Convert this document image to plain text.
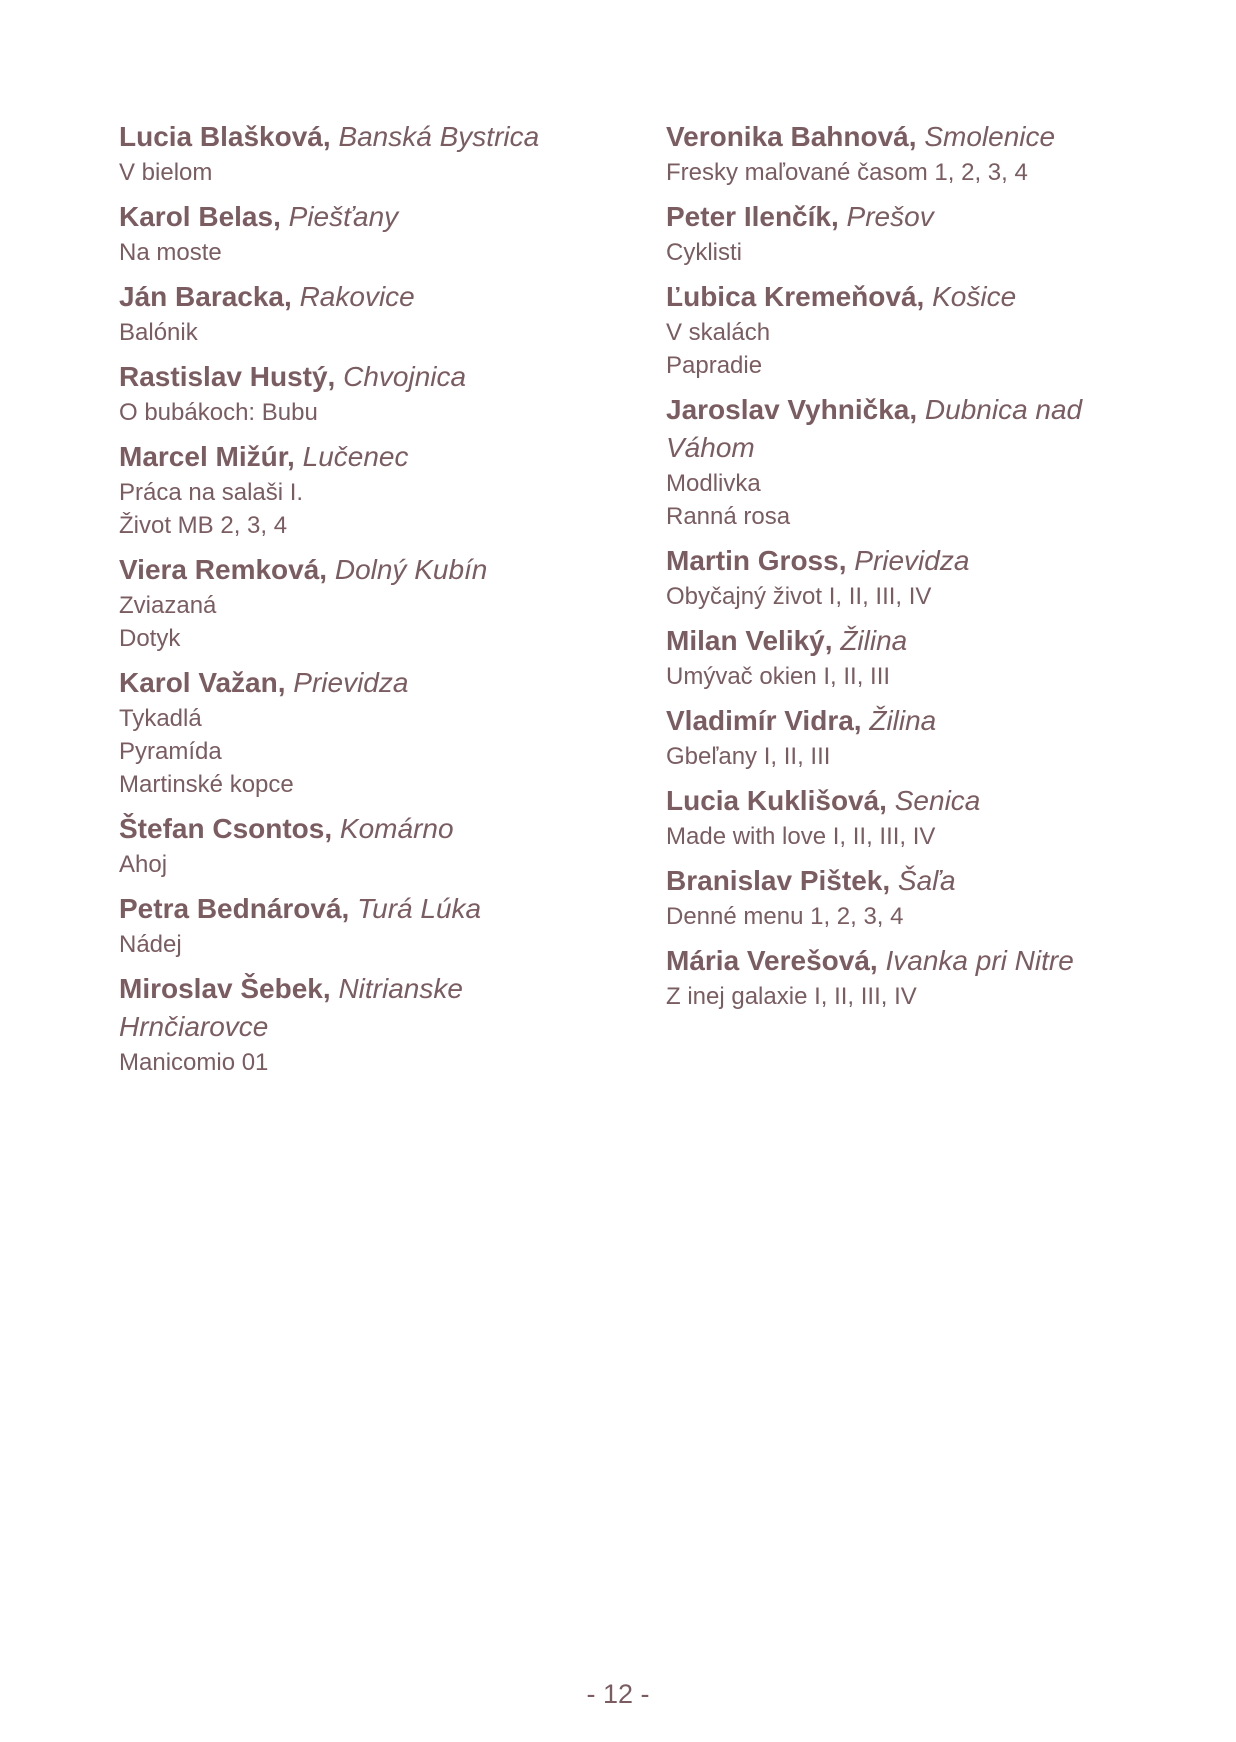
Lucia Blašková, Banská Bystrica

V bielom

Karol Belas, Piešťany

Na moste

Ján Baracka, Rakovice

Balónik

Rastislav Hustý, Chvojnica

O bubákoch: Bubu

Marcel Mižúr, Lučenec

Práca na salaši I.
Život MB 2, 3, 4

Viera Remková, Dolný Kubín

Zviazaná
Dotyk

Karol Važan, Prievidza

Tykadlá
Pyramída
Martinské kopce

Štefan Csontos, Komárno

Ahoj

Petra Bednárová, Turá Lúka

Nádej

Miroslav Šebek, Nitrianske Hrnčiarovce

Manicomio 01

Veronika Bahnová, Smolenice

Fresky maľované časom 1, 2, 3, 4

Peter Ilenčík, Prešov

Cyklisti

Ľubica Kremeňová, Košice

V skalách
Papradie

Jaroslav Vyhnička, Dubnica nad Váhom

Modlivka
Ranná rosa

Martin Gross, Prievidza

Obyčajný život I, II, III, IV

Milan Veliký, Žilina

Umývač okien I, II, III

Vladimír Vidra, Žilina

Gbeľany I, II, III

Lucia Kuklišová, Senica

Made with love I, II, III, IV

Branislav Pištek, Šaľa

Denné menu 1, 2, 3, 4

Mária Verešová, Ivanka pri Nitre

Z inej galaxie I, II, III, IV
- 12 -
